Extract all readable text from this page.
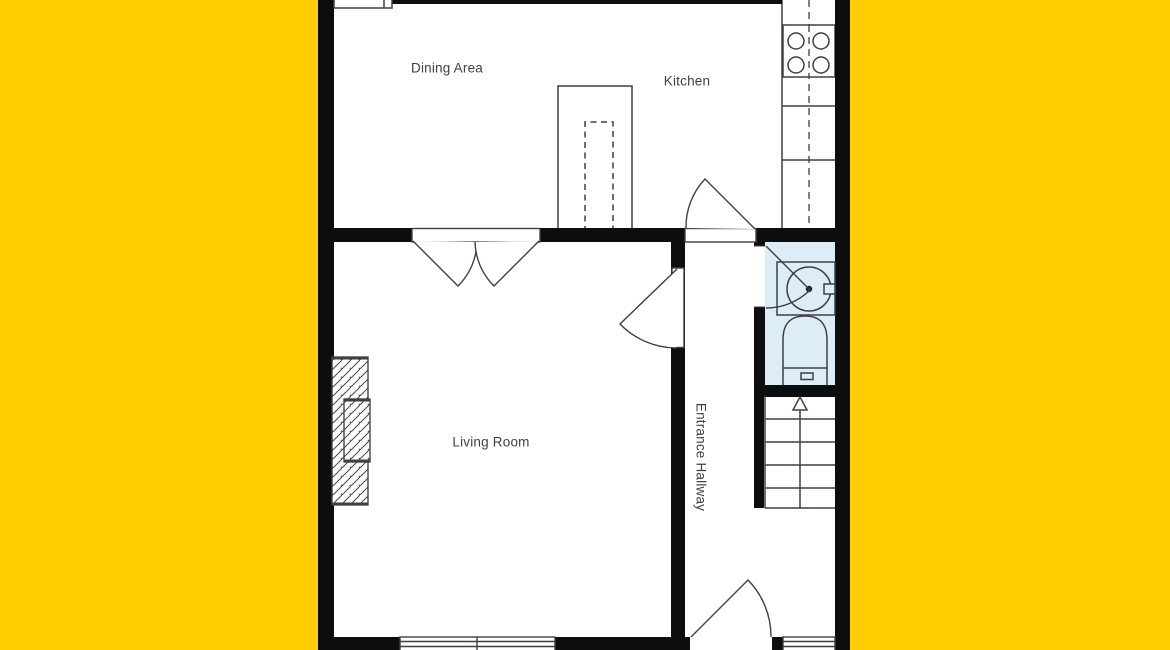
Dining Area
Kitchen
Living Room	Entrance Hallway
